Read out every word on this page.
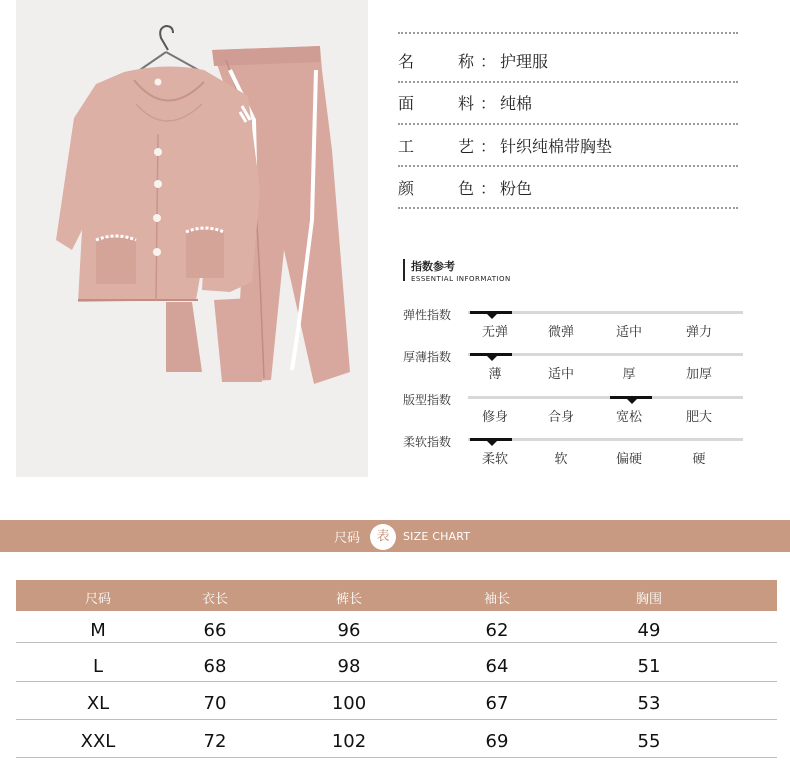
名	称 ： 护理服
面	料 ： 纯棉
工	艺 ： 针织纯棉带胸垫
颜	色 ： 粉色
指数参考
ESSENTIAL INFORMATION
弹性指数
无弹	微弹	适中	弹力
厚薄指数
薄	适中	厚	加厚
版型指数
修身	合身	宽松	肥大
柔软指数
柔软	软	偏硬	硬
尺码	表	SIZE CHART
尺码	衣长	裤长	袖长	胸围
M	66	96	62	49
L	68	98	64	51
XL	70	100	67	53
XXL	72	102	69	55
